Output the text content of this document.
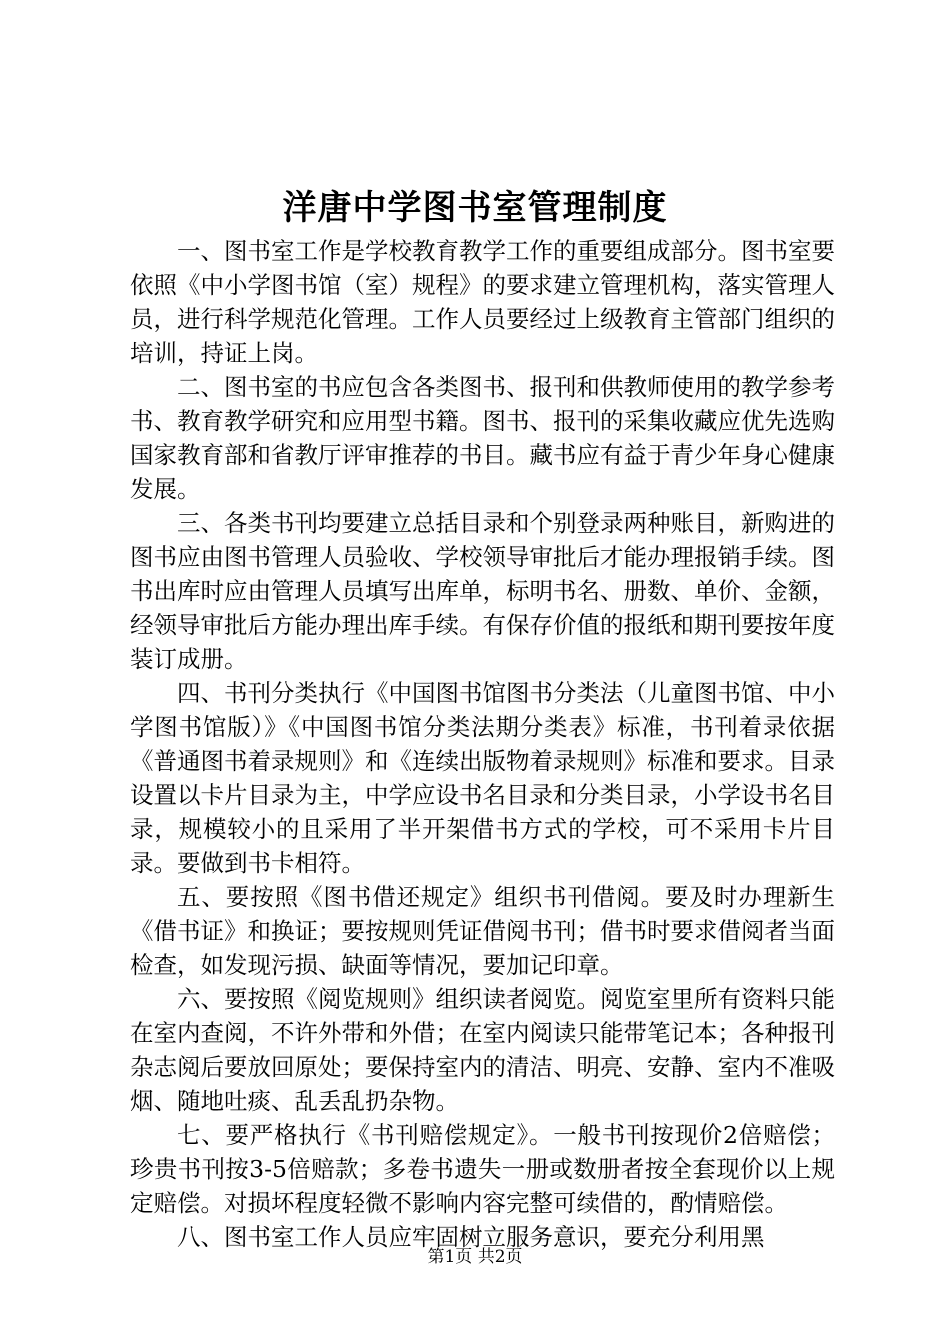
洋唐中学图书室管理制度

一、图书室工作是学校教育教学工作的重要组成部分。图书室要依照《中小学图书馆（室）规程》的要求建立管理机构，落实管理人员，进行科学规范化管理。工作人员要经过上级教育主管部门组织的培训，持证上岗。

二、图书室的书应包含各类图书、报刊和供教师使用的教学参考书、教育教学研究和应用型书籍。图书、报刊的采集收藏应优先选购国家教育部和省教厅评审推荐的书目。藏书应有益于青少年身心健康发展。

三、各类书刊均要建立总括目录和个别登录两种账目，新购进的图书应由图书管理人员验收、学校领导审批后才能办理报销手续。图书出库时应由管理人员填写出库单，标明书名、册数、单价、金额，经领导审批后方能办理出库手续。有保存价值的报纸和期刊要按年度装订成册。

四、书刊分类执行《中国图书馆图书分类法（儿童图书馆、中小学图书馆版）》《中国图书馆分类法期分类表》标准，书刊着录依据《普通图书着录规则》和《连续出版物着录规则》标准和要求。目录设置以卡片目录为主，中学应设书名目录和分类目录，小学设书名目录，规模较小的且采用了半开架借书方式的学校，可不采用卡片目录。要做到书卡相符。

五、要按照《图书借还规定》组织书刊借阅。要及时办理新生《借书证》和换证；要按规则凭证借阅书刊；借书时要求借阅者当面检查，如发现污损、缺面等情况，要加记印章。

六、要按照《阅览规则》组织读者阅览。阅览室里所有资料只能在室内查阅，不许外带和外借；在室内阅读只能带笔记本；各种报刊杂志阅后要放回原处；要保持室内的清洁、明亮、安静、室内不准吸烟、随地吐痰、乱丢乱扔杂物。

七、要严格执行《书刊赔偿规定》。一般书刊按现价2倍赔偿；珍贵书刊按3-5倍赔款；多卷书遗失一册或数册者按全套现价以上规定赔偿。对损坏程度轻微不影响内容完整可续借的，酌情赔偿。

八、图书室工作人员应牢固树立服务意识，要充分利用黑

第1页 共2页
